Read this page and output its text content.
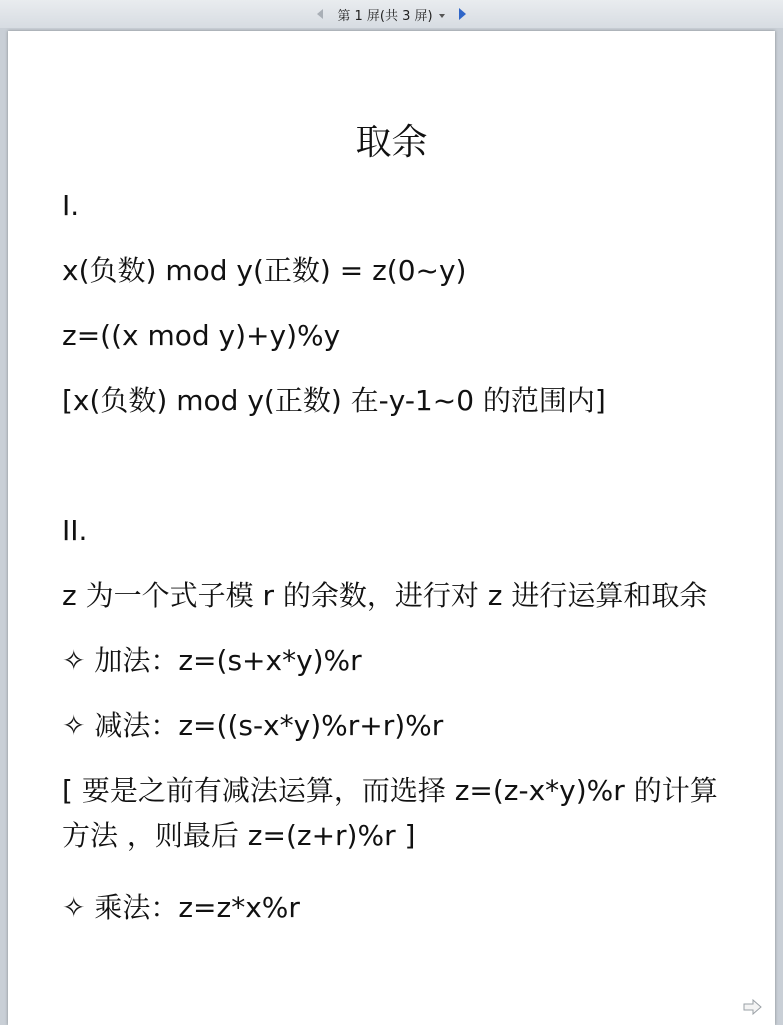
第 1 屏(共 3 屏)
取余
I.
x(负数) mod y(正数) = z(0~y)
z=((x mod y)+y)%y
[x(负数) mod y(正数) 在-y-1~0 的范围内]
II.
z 为一个式子模 r 的余数，进行对 z 进行运算和取余
✧ 加法：z=(s+x*y)%r
✧ 减法：z=((s-x*y)%r+r)%r
[ 要是之前有减法运算，而选择 z=(z-x*y)%r 的计算方法 ，则最后 z=(z+r)%r ]
✧ 乘法：z=z*x%r
